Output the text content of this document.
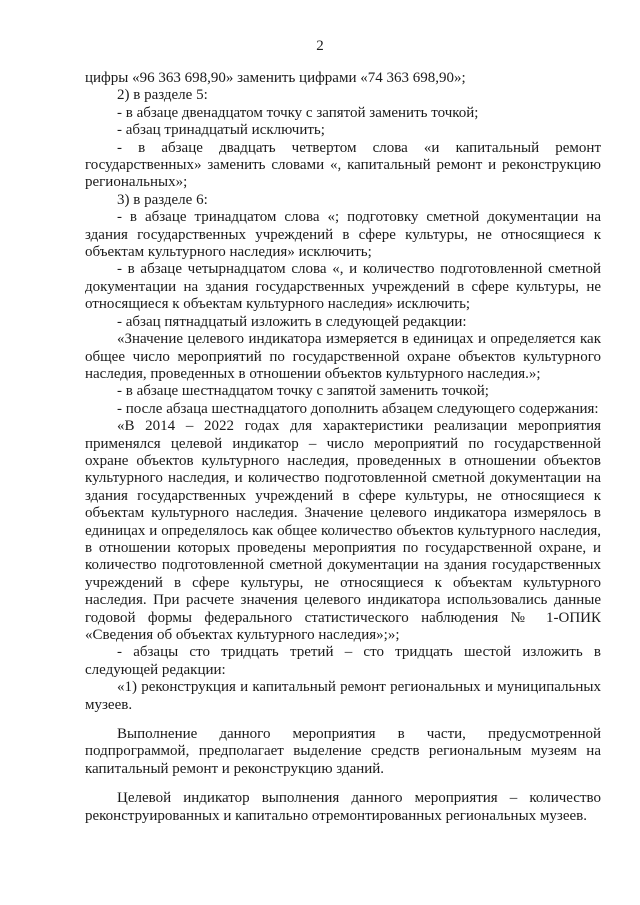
2

цифры «96 363 698,90» заменить цифрами «74 363 698,90»;

2) в разделе 5:

- в абзаце двенадцатом точку с запятой заменить точкой;

- абзац тринадцатый исключить;

- в абзаце двадцать четвертом слова «и капитальный ремонт государственных» заменить словами «, капитальный ремонт и реконструкцию региональных»;

3) в разделе 6:

- в абзаце тринадцатом слова «; подготовку сметной документации на здания государственных учреждений в сфере культуры, не относящиеся к объектам культурного наследия» исключить;

- в абзаце четырнадцатом слова «, и количество подготовленной сметной документации на здания государственных учреждений в сфере культуры, не относящиеся к объектам культурного наследия» исключить;

- абзац пятнадцатый изложить в следующей редакции:

«Значение целевого индикатора измеряется в единицах и определяется как общее число мероприятий по государственной охране объектов культурного наследия, проведенных в отношении объектов культурного наследия.»;

- в абзаце шестнадцатом точку с запятой заменить точкой;

- после абзаца шестнадцатого дополнить абзацем следующего содержания:

«В 2014 – 2022 годах для характеристики реализации мероприятия применялся целевой индикатор – число мероприятий по государственной охране объектов культурного наследия, проведенных в отношении объектов культурного наследия, и количество подготовленной сметной документации на здания государственных учреждений в сфере культуры, не относящиеся к объектам культурного наследия. Значение целевого индикатора измерялось в единицах и определялось как общее количество объектов культурного наследия, в отношении которых проведены мероприятия по государственной охране, и количество подготовленной сметной документации на здания государственных учреждений в сфере культуры, не относящиеся к объектам культурного наследия. При расчете значения целевого индикатора использовались данные годовой формы федерального статистического наблюдения № 1-ОПИК «Сведения об объектах культурного наследия»;»;

- абзацы сто тридцать третий – сто тридцать шестой изложить в следующей редакции:

«1) реконструкция и капитальный ремонт региональных и муниципальных музеев.

Выполнение данного мероприятия в части, предусмотренной подпрограммой, предполагает выделение средств региональным музеям на капитальный ремонт и реконструкцию зданий.

Целевой индикатор выполнения данного мероприятия – количество реконструированных и капитально отремонтированных региональных музеев.
